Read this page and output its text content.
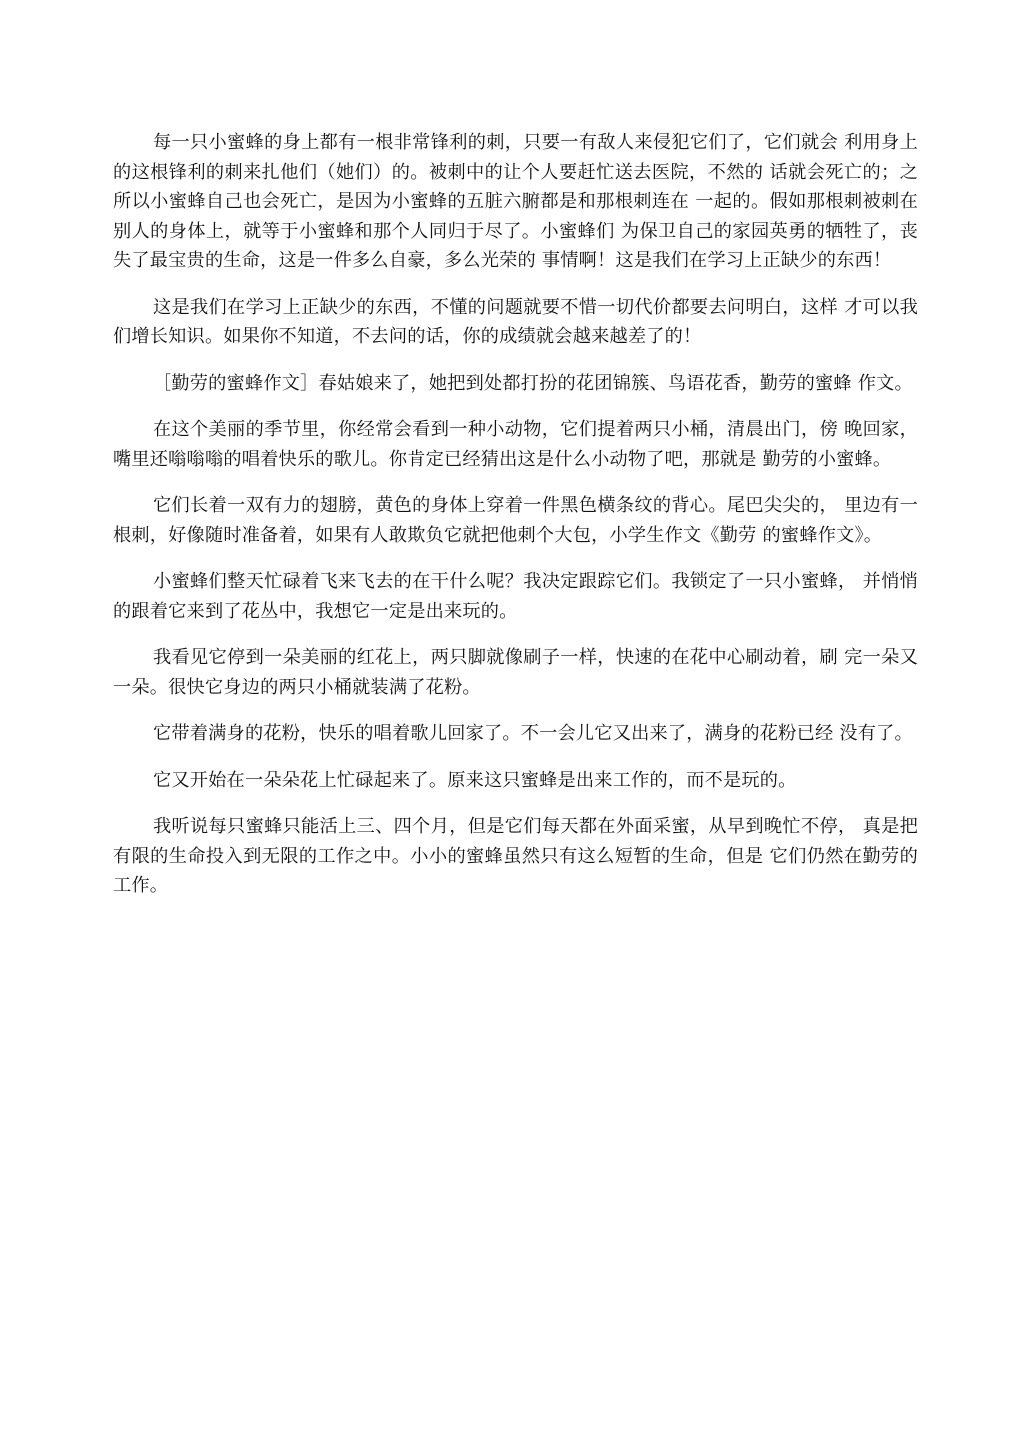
每一只小蜜蜂的身上都有一根非常锋利的刺，只要一有敌人来侵犯它们了，它们就会 利用身上的这根锋利的刺来扎他们（她们）的。被刺中的让个人要赶忙送去医院，不然的 话就会死亡的；之所以小蜜蜂自己也会死亡，是因为小蜜蜂的五脏六腑都是和那根刺连在 一起的。假如那根刺被刺在别人的身体上，就等于小蜜蜂和那个人同归于尽了。小蜜蜂们 为保卫自己的家园英勇的牺牲了，丧失了最宝贵的生命，这是一件多么自豪，多么光荣的 事情啊！这是我们在学习上正缺少的东西！

这是我们在学习上正缺少的东西，不懂的问题就要不惜一切代价都要去问明白，这样 才可以我们增长知识。如果你不知道，不去问的话，你的成绩就会越来越差了的！

［勤劳的蜜蜂作文］春姑娘来了，她把到处都打扮的花团锦簇、鸟语花香，勤劳的蜜蜂 作文。

在这个美丽的季节里，你经常会看到一种小动物，它们提着两只小桶，清晨出门，傍 晚回家，嘴里还嗡嗡嗡的唱着快乐的歌儿。你肯定已经猜出这是什么小动物了吧，那就是 勤劳的小蜜蜂。

它们长着一双有力的翅膀，黄色的身体上穿着一件黑色横条纹的背心。尾巴尖尖的， 里边有一根刺，好像随时准备着，如果有人敢欺负它就把他刺个大包，小学生作文《勤劳 的蜜蜂作文》。

小蜜蜂们整天忙碌着飞来飞去的在干什么呢？我决定跟踪它们。我锁定了一只小蜜蜂， 并悄悄的跟着它来到了花丛中，我想它一定是出来玩的。

我看见它停到一朵美丽的红花上，两只脚就像刷子一样，快速的在花中心刷动着，刷 完一朵又一朵。很快它身边的两只小桶就装满了花粉。

它带着满身的花粉，快乐的唱着歌儿回家了。不一会儿它又出来了，满身的花粉已经 没有了。

它又开始在一朵朵花上忙碌起来了。原来这只蜜蜂是出来工作的，而不是玩的。

我听说每只蜜蜂只能活上三、四个月，但是它们每天都在外面采蜜，从早到晚忙不停， 真是把有限的生命投入到无限的工作之中。小小的蜜蜂虽然只有这么短暂的生命，但是 它们仍然在勤劳的工作。
